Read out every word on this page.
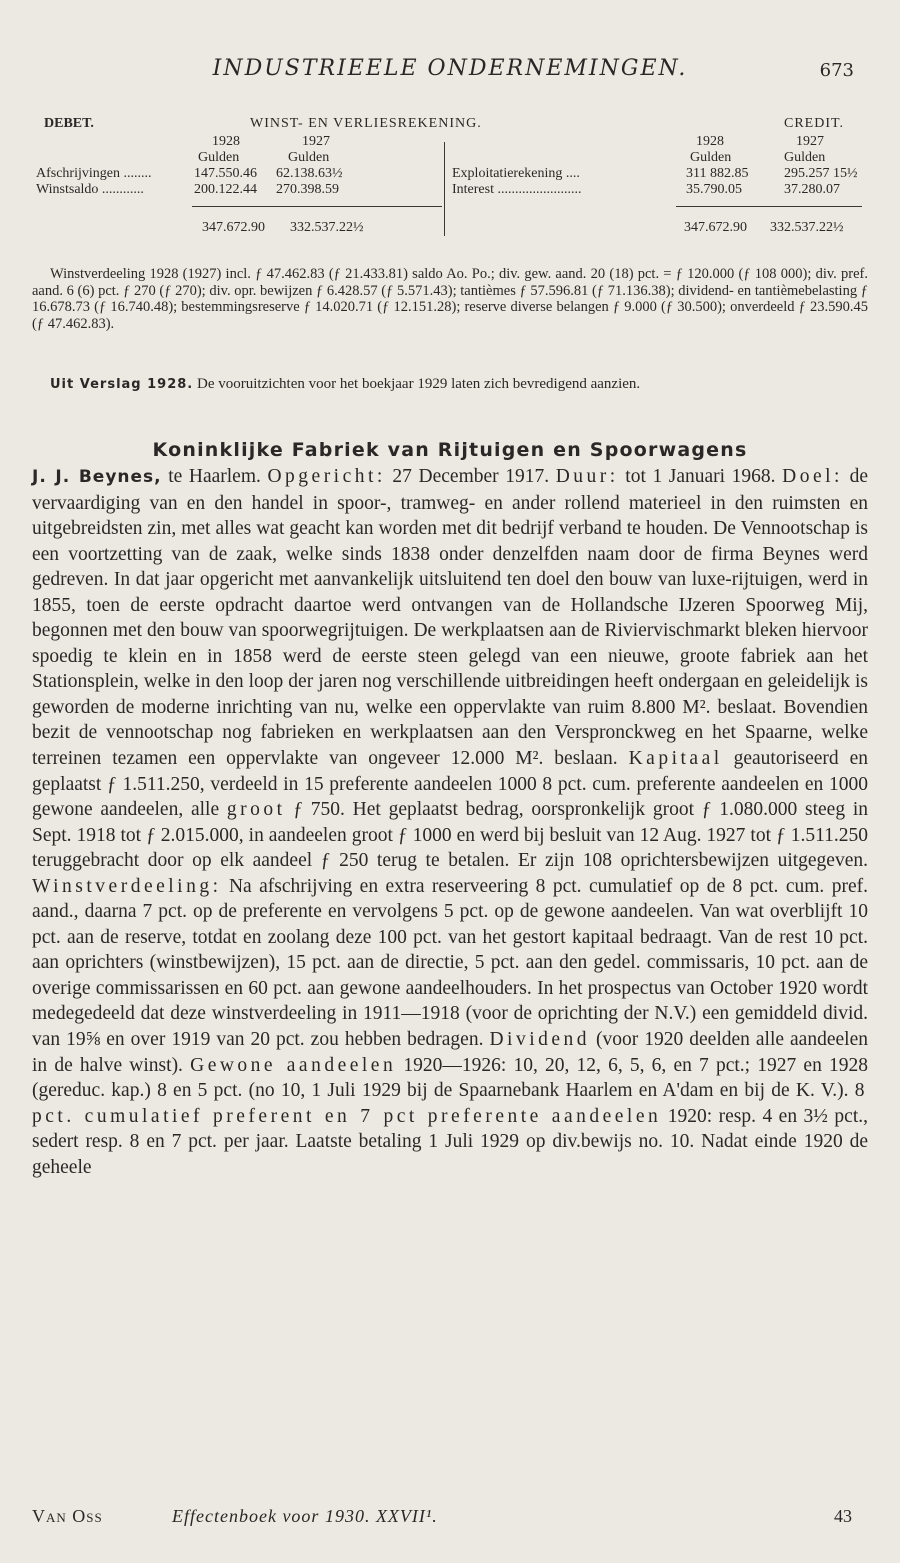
INDUSTRIEELE ONDERNEMINGEN.	673
DEBET.	WINST- EN VERLIESREKENING.	CREDIT.
1928	1927	1928	1927
Gulden	Gulden	Gulden	Gulden
Afschrijvingen ........	147.550.46 62.138.63½	Exploitatierekening ....	311 882.85	295.257 15½
Winstsaldo ............	200.122.44 270.398.59	Interest ........................	35.790.05	37.280.07
347.672.90 332.537.22½	347.672.90 332.537.22½
Winstverdeeling 1928 (1927) incl. ƒ 47.462.83 (ƒ 21.433.81) saldo Ao. Po.; div. gew. aand. 20 (18) pct. = ƒ 120.000 (ƒ 108 000); div. pref. aand. 6 (6) pct. ƒ 270 (ƒ 270); div. opr. bewijzen ƒ 6.428.57 (ƒ 5.571.43); tantièmes ƒ 57.596.81 (ƒ 71.136.38); dividend- en tantièmebelasting ƒ 16.678.73 (ƒ 16.740.48); bestemmingsreserve ƒ 14.020.71 (ƒ 12.151.28); reserve diverse belangen ƒ 9.000 (ƒ 30.500); onverdeeld ƒ 23.590.45 (ƒ 47.462.83).
Uit Verslag 1928. De vooruitzichten voor het boekjaar 1929 laten zich bevredigend aanzien.
Koninklijke Fabriek van Rijtuigen en Spoorwagens
J. J. Beynes, te Haarlem. Opgericht: 27 December 1917. Duur: tot 1 Januari 1968. Doel: de vervaardiging van en den handel in spoor-, tramweg- en ander rollend materieel in den ruimsten en uitgebreidsten zin, met alles wat geacht kan worden met dit bedrijf verband te houden. De Vennootschap is een voortzetting van de zaak, welke sinds 1838 onder denzelfden naam door de firma Beynes werd gedreven. In dat jaar opgericht met aanvankelijk uitsluitend ten doel den bouw van luxe-rijtuigen, werd in 1855, toen de eerste opdracht daartoe werd ontvangen van de Hollandsche IJzeren Spoorweg Mij, begonnen met den bouw van spoorwegrijtuigen. De werkplaatsen aan de Riviervischmarkt bleken hiervoor spoedig te klein en in 1858 werd de eerste steen gelegd van een nieuwe, groote fabriek aan het Stationsplein, welke in den loop der jaren nog verschillende uitbreidingen heeft ondergaan en geleidelijk is geworden de moderne inrichting van nu, welke een oppervlakte van ruim 8.800 M². beslaat. Bovendien bezit de vennootschap nog fabrieken en werkplaatsen aan den Verspronckweg en het Spaarne, welke terreinen tezamen een oppervlakte van ongeveer 12.000 M². beslaan. Kapitaal geautoriseerd en geplaatst ƒ 1.511.250, verdeeld in 15 preferente aandeelen 1000 8 pct. cum. preferente aandeelen en 1000 gewone aandeelen, alle groot ƒ 750. Het geplaatst bedrag, oorspronkelijk groot ƒ 1.080.000 steeg in Sept. 1918 tot ƒ 2.015.000, in aandeelen groot ƒ 1000 en werd bij besluit van 12 Aug. 1927 tot ƒ 1.511.250 teruggebracht door op elk aandeel ƒ 250 terug te betalen. Er zijn 108 oprichtersbewijzen uitgegeven. Winstverdeeling: Na afschrijving en extra reserveering 8 pct. cumulatief op de 8 pct. cum. pref. aand., daarna 7 pct. op de preferente en vervolgens 5 pct. op de gewone aandeelen. Van wat overblijft 10 pct. aan de reserve, totdat en zoolang deze 100 pct. van het gestort kapitaal bedraagt. Van de rest 10 pct. aan oprichters (winstbewijzen), 15 pct. aan de directie, 5 pct. aan den gedel. commissaris, 10 pct. aan de overige commissarissen en 60 pct. aan gewone aandeelhouders. In het prospectus van October 1920 wordt medegedeeld dat deze winstverdeeling in 1911—1918 (voor de oprichting der N.V.) een gemiddeld divid. van 19⅝ en over 1919 van 20 pct. zou hebben bedragen. Dividend (voor 1920 deelden alle aandeelen in de halve winst). Gewone aandeelen 1920—1926: 10, 20, 12, 6, 5, 6, en 7 pct.; 1927 en 1928 (gereduc. kap.) 8 en 5 pct. (no 10, 1 Juli 1929 bij de Spaarnebank Haarlem en A'dam en bij de K. V.). 8 pct. cumulatief preferent en 7 pct preferente aandeelen 1920: resp. 4 en 3½ pct., sedert resp. 8 en 7 pct. per jaar. Laatste betaling 1 Juli 1929 op div.bewijs no. 10. Nadat einde 1920 de geheele
Van Oss	Effectenboek voor 1930. XXVII¹.	43
